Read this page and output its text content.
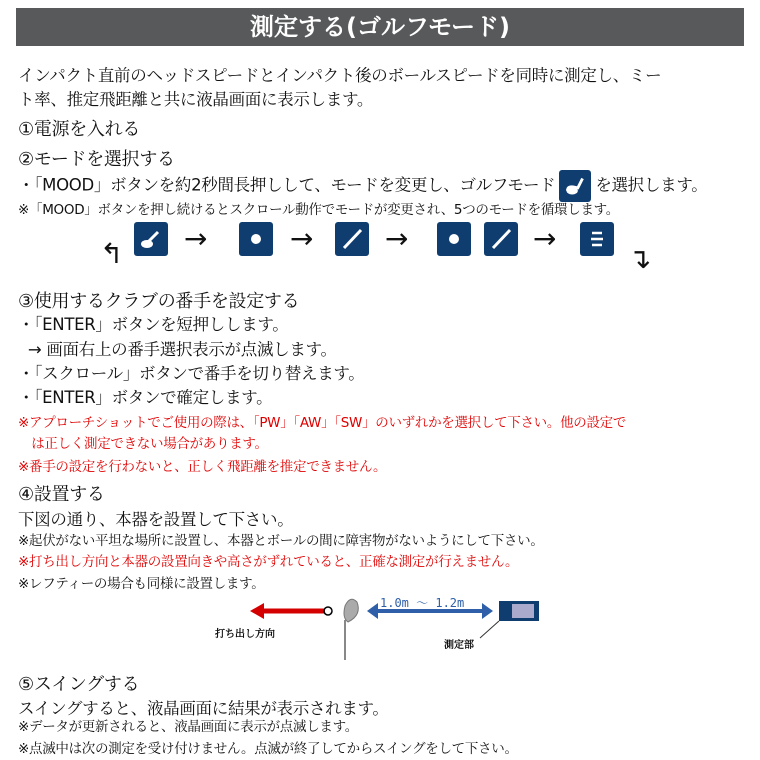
測定する(ゴルフモード)
インパクト直前のヘッドスピードとインパクト後のボールスピードを同時に測定し、ミー
ト率、推定飛距離と共に液晶画面に表示します。
①電源を入れる
②モードを選択する
・「MOOD」ボタンを約2秒間長押しして、モードを変更し、ゴルフモード を選択します。
※「MOOD」ボタンを押し続けるとスクロール動作でモードが変更され、5つのモードを循環します。
↰ →	→	→	→
↴
③使用するクラブの番手を設定する
・「ENTER」ボタンを短押しします。
→ 画面右上の番手選択表示が点滅します。
・「スクロール」ボタンで番手を切り替えます。
・「ENTER」ボタンで確定します。
※アプローチショットでご使用の際は、「PW」「AW」「SW」のいずれかを選択して下さい。他の設定で
　は正しく測定できない場合があります。
※番手の設定を行わないと、正しく飛距離を推定できません。
④設置する
下図の通り、本器を設置して下さい。
※起伏がない平坦な場所に設置し、本器とボールの間に障害物がないようにして下さい。
※打ち出し方向と本器の設置向きや高さがずれていると、正確な測定が行えません。
※レフティーの場合も同様に設置します。
打ち出し方向
1.0m ～ 1.2m
測定部
⑤スイングする
スイングすると、液晶画面に結果が表示されます。
※データが更新されると、液晶画面に表示が点滅します。
※点滅中は次の測定を受け付けません。点滅が終了してからスイングをして下さい。
